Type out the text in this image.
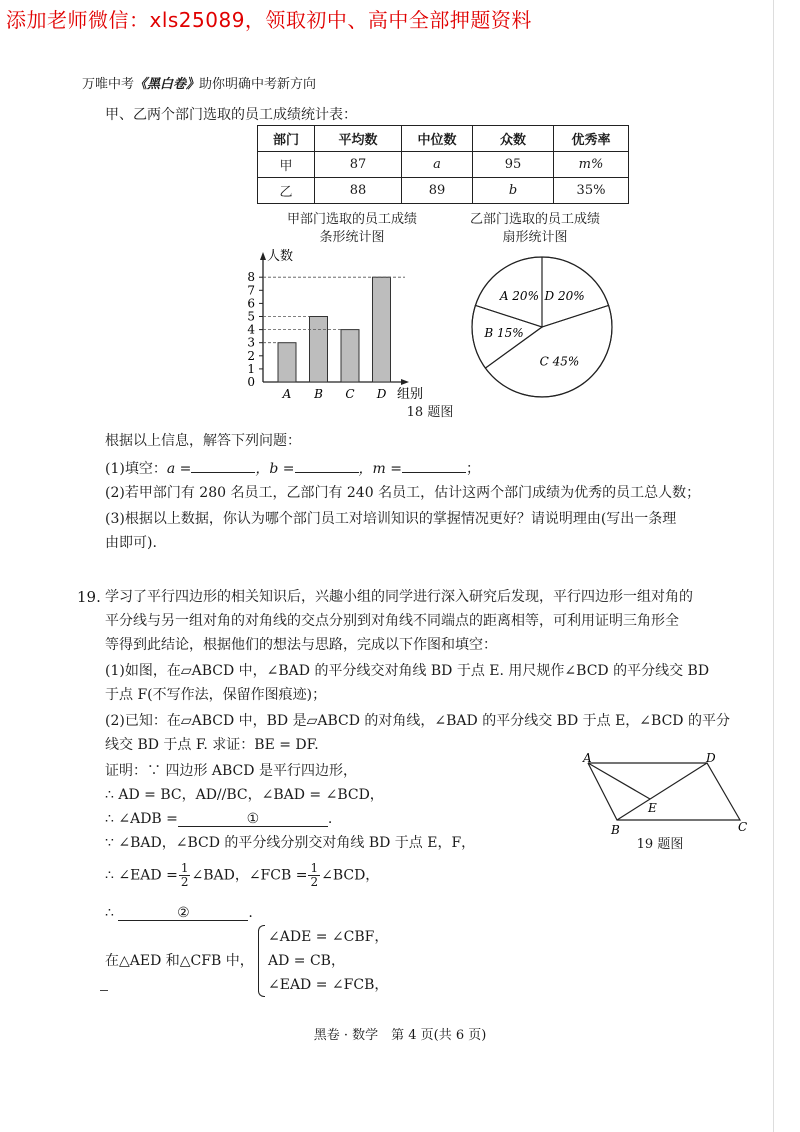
添加老师微信：xls25089，领取初中、高中全部押题资料
万唯中考《黑白卷》助你明确中考新方向
甲、乙两个部门选取的员工成绩统计表：
部门	平均数	中位数	众数	优秀率
甲	87	a	95	m%
乙	88	89	b	35%
甲部门选取的员工成绩
条形统计图
乙部门选取的员工成绩
扇形统计图
人数
组别
0
1
2
3
4
5
6
7
8
A B C D
D 20%
C 45%
B 15%
A 20%
18 题图
根据以上信息，解答下列问题：
(1)填空：a =	，b =	，m =	；
(2)若甲部门有 280 名员工，乙部门有 240 名员工，估计这两个部门成绩为优秀的员工总人数；
(3)根据以上数据，你认为哪个部门员工对培训知识的掌握情况更好？请说明理由(写出一条理
由即可).
19. 学习了平行四边形的相关知识后，兴趣小组的同学进行深入研究后发现，平行四边形一组对角的
平分线与另一组对角的对角线的交点分别到对角线不同端点的距离相等，可利用证明三角形全
等得到此结论，根据他们的想法与思路，完成以下作图和填空：
(1)如图，在▱ABCD 中，∠BAD 的平分线交对角线 BD 于点 E. 用尺规作∠BCD 的平分线交 BD
于点 F(不写作法，保留作图痕迹)；
(2)已知：在▱ABCD 中，BD 是▱ABCD 的对角线，∠BAD 的平分线交 BD 于点 E，∠BCD 的平分
线交 BD 于点 F. 求证：BE = DF.
证明：∵ 四边形 ABCD 是平行四边形，
∴ AD = BC，AD//BC，∠BAD = ∠BCD，
∴ ∠ADB =	①	.
∵ ∠BAD，∠BCD 的平分线分别交对角线 BD 于点 E，F，
∴ ∠EAD = $\frac{1}{2}$ ∠BAD，∠FCB = $\frac{1}{2}$ ∠BCD，
∴	②	.
在△AED 和△CFB 中，
∠ADE = ∠CBF，
AD = CB，
∠EAD = ∠FCB，
A
B	C
D
E
19 题图
黑卷 · 数学　第 4 页(共 6 页)
